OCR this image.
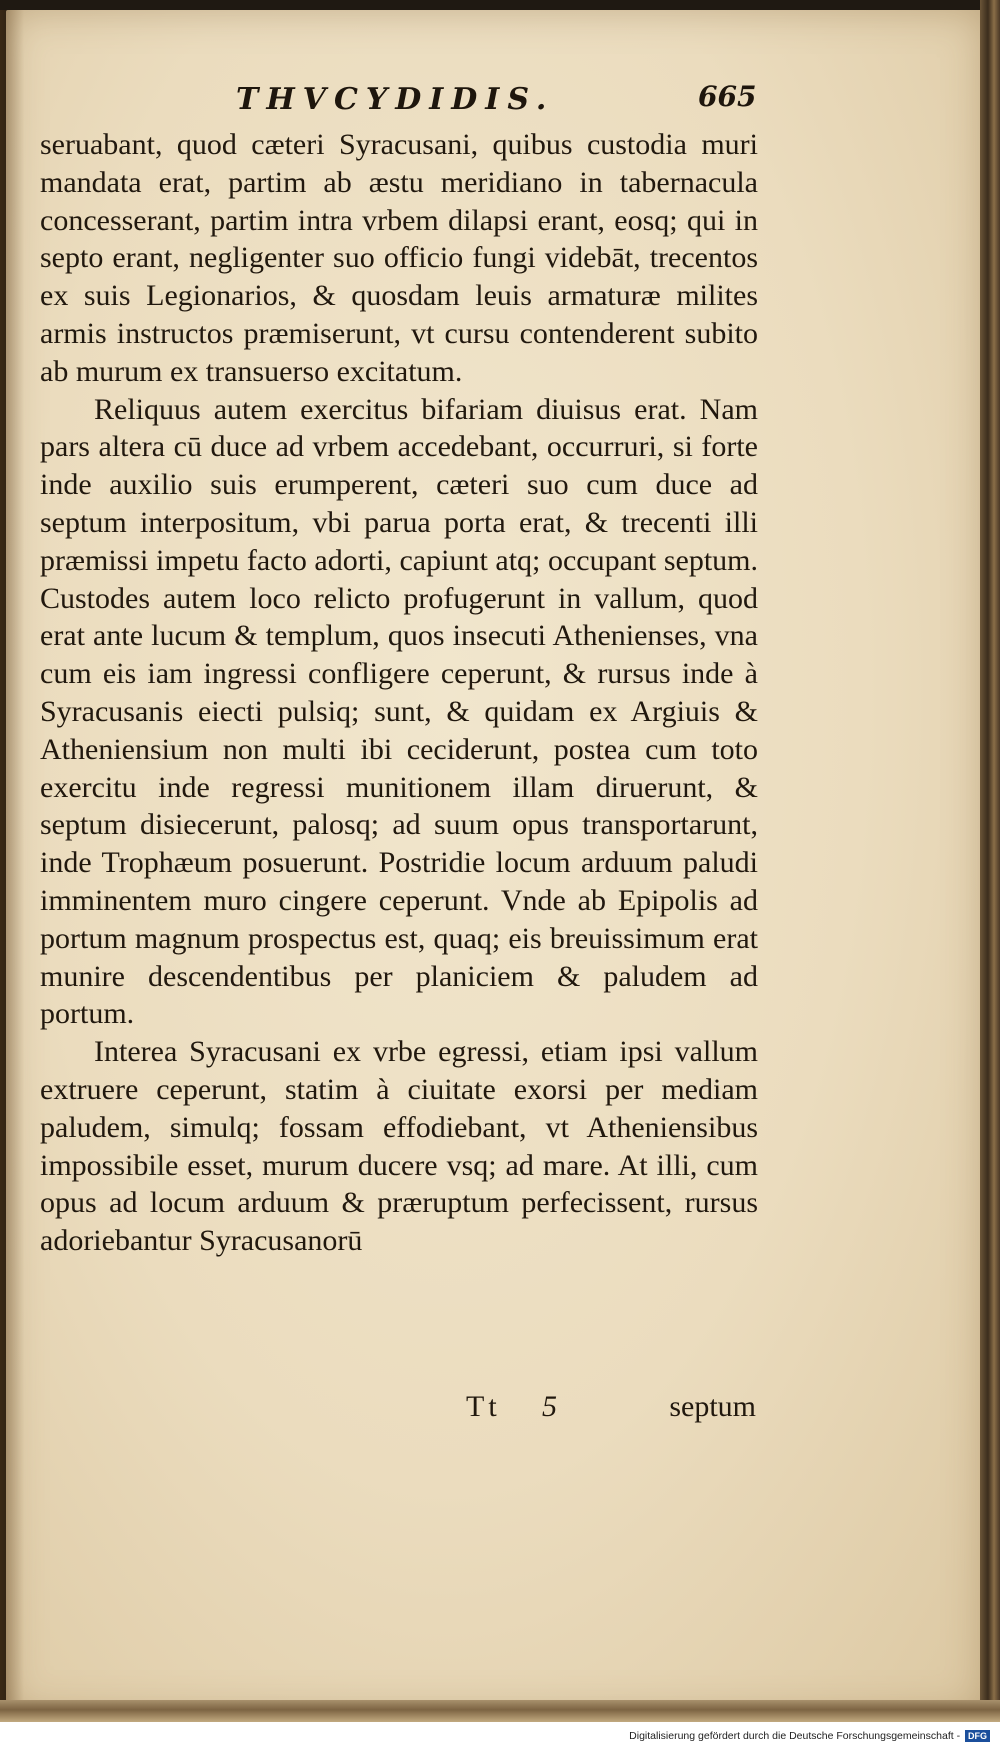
THVCYDIDIS.	665

seruabant, quod cæteri Syracusani, quibus custodia muri mandata erat, partim ab æstu meridiano in tabernacula concesserant, partim intra vrbem dilapsi erant, eosq; qui in septo erant, negligenter suo officio fungi videbāt, trecentos ex suis Legionarios, & quosdam leuis armaturæ milites armis instructos præmiserunt, vt cursu contenderent subito ab murum ex transuerso excitatum.

Reliquus autem exercitus bifariam diuisus erat. Nam pars altera cū duce ad vrbem accedebant, occurruri, si forte inde auxilio suis erumperent, cæteri suo cum duce ad septum interpositum, vbi parua porta erat, & trecenti illi præmissi impetu facto adorti, capiunt atq; occupant septum. Custodes autem loco relicto profugerunt in vallum, quod erat ante lucum & templum, quos insecuti Athenienses, vna cum eis iam ingressi confligere ceperunt, & rursus inde à Syracusanis eiecti pulsiq; sunt, & quidam ex Argiuis & Atheniensium non multi ibi ceciderunt, postea cum toto exercitu inde regressi munitionem illam diruerunt, & septum disiecerunt, palosq; ad suum opus transportarunt, inde Trophæum posuerunt. Postridie locum arduum paludi imminentem muro cingere ceperunt. Vnde ab Epipolis ad portum magnum prospectus est, quaq; eis breuissimum erat munire descendentibus per planiciem & paludem ad portum.

Interea Syracusani ex vrbe egressi, etiam ipsi vallum extruere ceperunt, statim à ciuitate exorsi per mediam paludem, simulq; fossam effodiebant, vt Atheniensibus impossibile esset, murum ducere vsq; ad mare. At illi, cum opus ad locum arduum & præruptum perfecissent, rursus adoriebantur Syracusanorū

Tt 5	septum
Digitalisierung gefördert durch die Deutsche Forschungsgemeinschaft - DFG
